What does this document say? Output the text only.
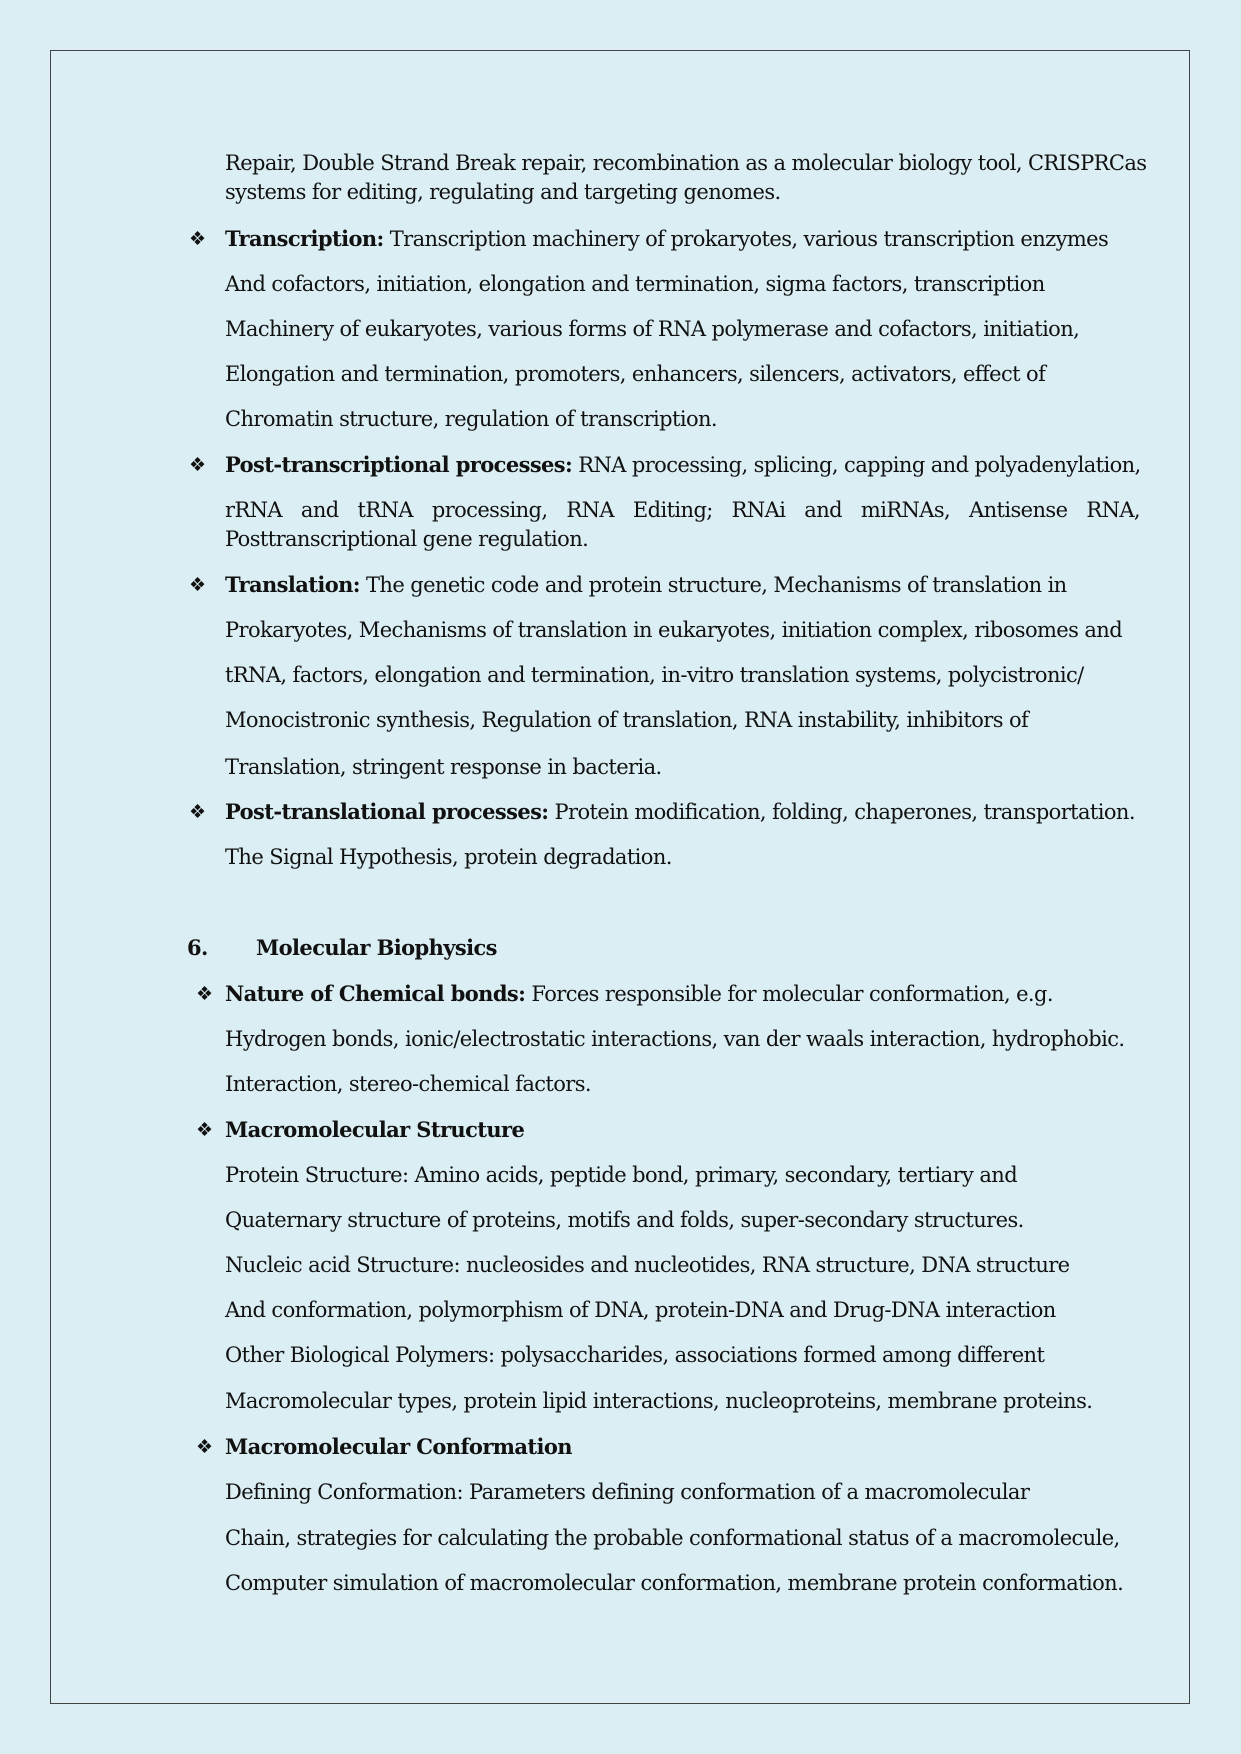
Repair, Double Strand Break repair, recombination as a molecular biology tool, CRISPRCas
systems for editing, regulating and targeting genomes.
❖ Transcription: Transcription machinery of prokaryotes, various transcription enzymes
And cofactors, initiation, elongation and termination, sigma factors, transcription
Machinery of eukaryotes, various forms of RNA polymerase and cofactors, initiation,
Elongation and termination, promoters, enhancers, silencers, activators, effect of
Chromatin structure, regulation of transcription.
❖ Post-transcriptional processes: RNA processing, splicing, capping and polyadenylation,
rRNA and tRNA processing, RNA Editing; RNAi and miRNAs, Antisense RNA,
Posttranscriptional gene regulation.
❖ Translation: The genetic code and protein structure, Mechanisms of translation in
Prokaryotes, Mechanisms of translation in eukaryotes, initiation complex, ribosomes and
tRNA, factors, elongation and termination, in-vitro translation systems, polycistronic/
Monocistronic synthesis, Regulation of translation, RNA instability, inhibitors of
Translation, stringent response in bacteria.
❖ Post-translational processes: Protein modification, folding, chaperones, transportation.
The Signal Hypothesis, protein degradation.
6. Molecular Biophysics
❖ Nature of Chemical bonds: Forces responsible for molecular conformation, e.g.
Hydrogen bonds, ionic/electrostatic interactions, van der waals interaction, hydrophobic.
Interaction, stereo-chemical factors.
❖ Macromolecular Structure
Protein Structure: Amino acids, peptide bond, primary, secondary, tertiary and
Quaternary structure of proteins, motifs and folds, super-secondary structures.
Nucleic acid Structure: nucleosides and nucleotides, RNA structure, DNA structure
And conformation, polymorphism of DNA, protein-DNA and Drug-DNA interaction
Other Biological Polymers: polysaccharides, associations formed among different
Macromolecular types, protein lipid interactions, nucleoproteins, membrane proteins.
❖ Macromolecular Conformation
Defining Conformation: Parameters defining conformation of a macromolecular
Chain, strategies for calculating the probable conformational status of a macromolecule,
Computer simulation of macromolecular conformation, membrane protein conformation.
